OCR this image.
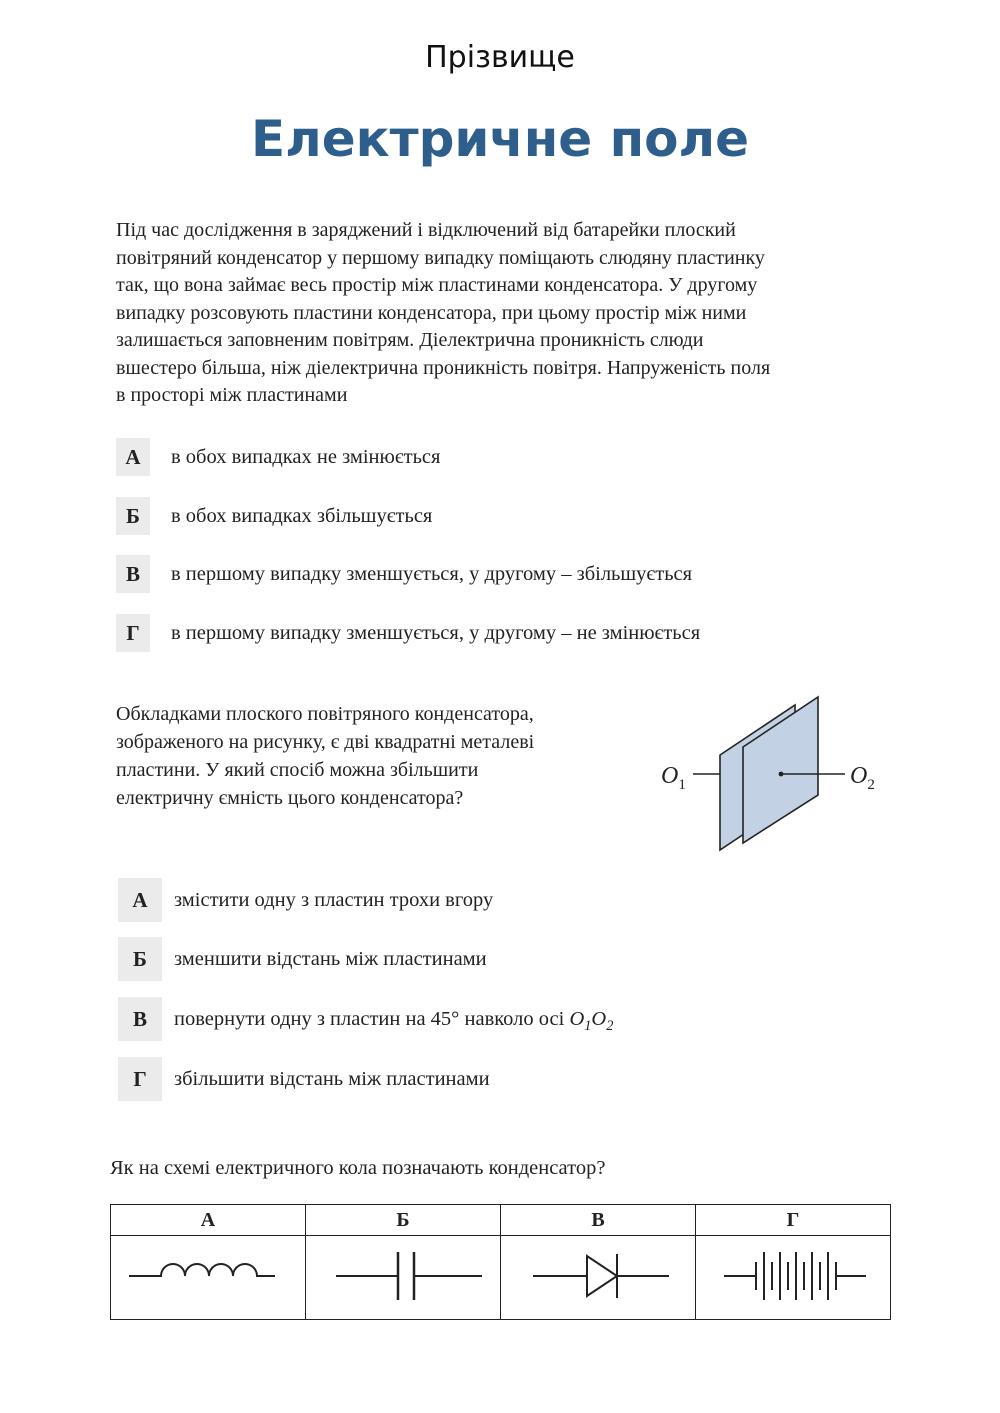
Прізвище
Електричне поле
Під час дослідження в заряджений і відключений від батарейки плоский
повітряний конденсатор у першому випадку поміщають слюдяну пластинку
так, що вона займає весь простір між пластинами конденсатора. У другому
випадку розсовують пластини конденсатора, при цьому простір між ними
залишається заповненим повітрям. Діелектрична проникність слюди
вшестеро більша, ніж діелектрична проникність повітря. Напруженість поля
в просторі між пластинами
А	в обох випадках не змінюється
Б	в обох випадках збільшується
В	в першому випадку зменшується, у другому – збільшується
Г	в першому випадку зменшується, у другому – не змінюється
Обкладками плоского повітряного конденсатора,
зображеного на рисунку, є дві квадратні металеві
пластини. У який спосіб можна збільшити
електричну ємність цього конденсатора?
$O_1$	$O_2$
А	змістити одну з пластин трохи вгору
Б	зменшити відстань між пластинами
В	повернути одну з пластин на 45° навколо осі $O_1O_2$
Г	збільшити відстань між пластинами
Як на схемі електричного кола позначають конденсатор?
А	Б	В	Г
